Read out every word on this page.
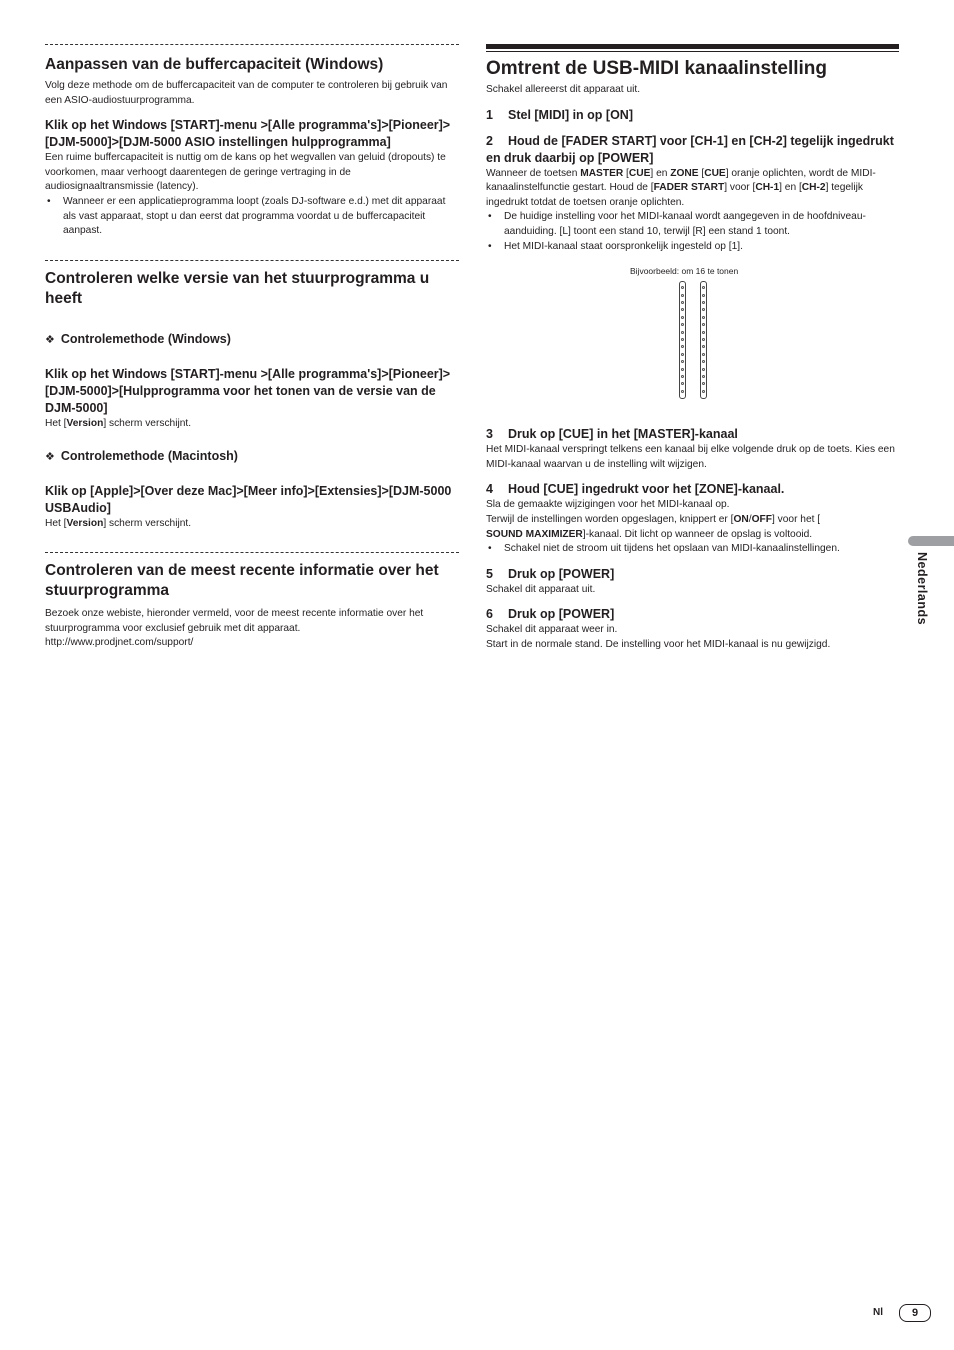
Aanpassen van de buffercapaciteit (Windows)

Volg deze methode om de buffercapaciteit van de computer te controleren bij gebruik van een ASIO-audiostuurprogramma.

Klik op het Windows [START]-menu >[Alle programma's]>[Pioneer]>[DJM-5000]>[DJM-5000 ASIO instellingen hulpprogramma]

Een ruime buffercapaciteit is nuttig om de kans op het wegvallen van geluid (dropouts) te voorkomen, maar verhoogt daarentegen de geringe vertraging in de audiosignaaltransmissie (latency).

• Wanneer er een applicatieprogramma loopt (zoals DJ-software e.d.) met dit apparaat als vast apparaat, stopt u dan eerst dat programma voordat u de buffercapaciteit aanpast.
Controleren welke versie van het stuurprogramma u heeft
❖ Controlemethode (Windows)
Klik op het Windows [START]-menu >[Alle programma's]>[Pioneer]>[DJM-5000]>[Hulpprogramma voor het tonen van de versie van de DJM-5000]

Het [Version] scherm verschijnt.

❖ Controlemethode (Macintosh)
Klik op [Apple]>[Over deze Mac]>[Meer info]>[Extensies]>[DJM-5000 USBAudio]

Het [Version] scherm verschijnt.

Controleren van de meest recente informatie over het stuurprogramma

Bezoek onze webiste, hieronder vermeld, voor de meest recente informatie over het stuurprogramma voor exclusief gebruik met dit apparaat.

http://www.prodjnet.com/support/

Omtrent de USB-MIDI kanaalinstelling

Schakel allereerst dit apparaat uit.

1 Stel [MIDI] in op [ON]
2 Houd de [FADER START] voor [CH-1] en [CH-2] tegelijk ingedrukt en druk daarbij op [POWER]

Wanneer de toetsen MASTER [CUE] en ZONE [CUE] oranje oplichten, wordt de MIDI-kanaalinstelfunctie gestart. Houd de [FADER START] voor [CH-1] en [CH-2] tegelijk ingedrukt totdat de toetsen oranje oplichten.

• De huidige instelling voor het MIDI-kanaal wordt aangegeven in de hoofdniveau-aanduiding. [L] toont een stand 10, terwijl [R] een stand 1 toont.
• Het MIDI-kanaal staat oorspronkelijk ingesteld op [1].
Bijvoorbeeld: om 16 te tonen
3 Druk op [CUE] in het [MASTER]-kanaal

Het MIDI-kanaal verspringt telkens een kanaal bij elke volgende druk op de toets. Kies een MIDI-kanaal waarvan u de instelling wilt wijzigen.

4 Houd [CUE] ingedrukt voor het [ZONE]-kanaal.

Sla de gemaakte wijzigingen voor het MIDI-kanaal op.

Terwijl de instellingen worden opgeslagen, knippert er [ON/OFF] voor het [

SOUND MAXIMIZER]-kanaal. Dit licht op wanneer de opslag is voltooid.

• Schakel niet de stroom uit tijdens het opslaan van MIDI-kanaalinstellingen.
5 Druk op [POWER]

Schakel dit apparaat uit.

6 Druk op [POWER]

Schakel dit apparaat weer in.

Start in de normale stand. De instelling voor het MIDI-kanaal is nu gewijzigd.

Nederlands
Nl	9
